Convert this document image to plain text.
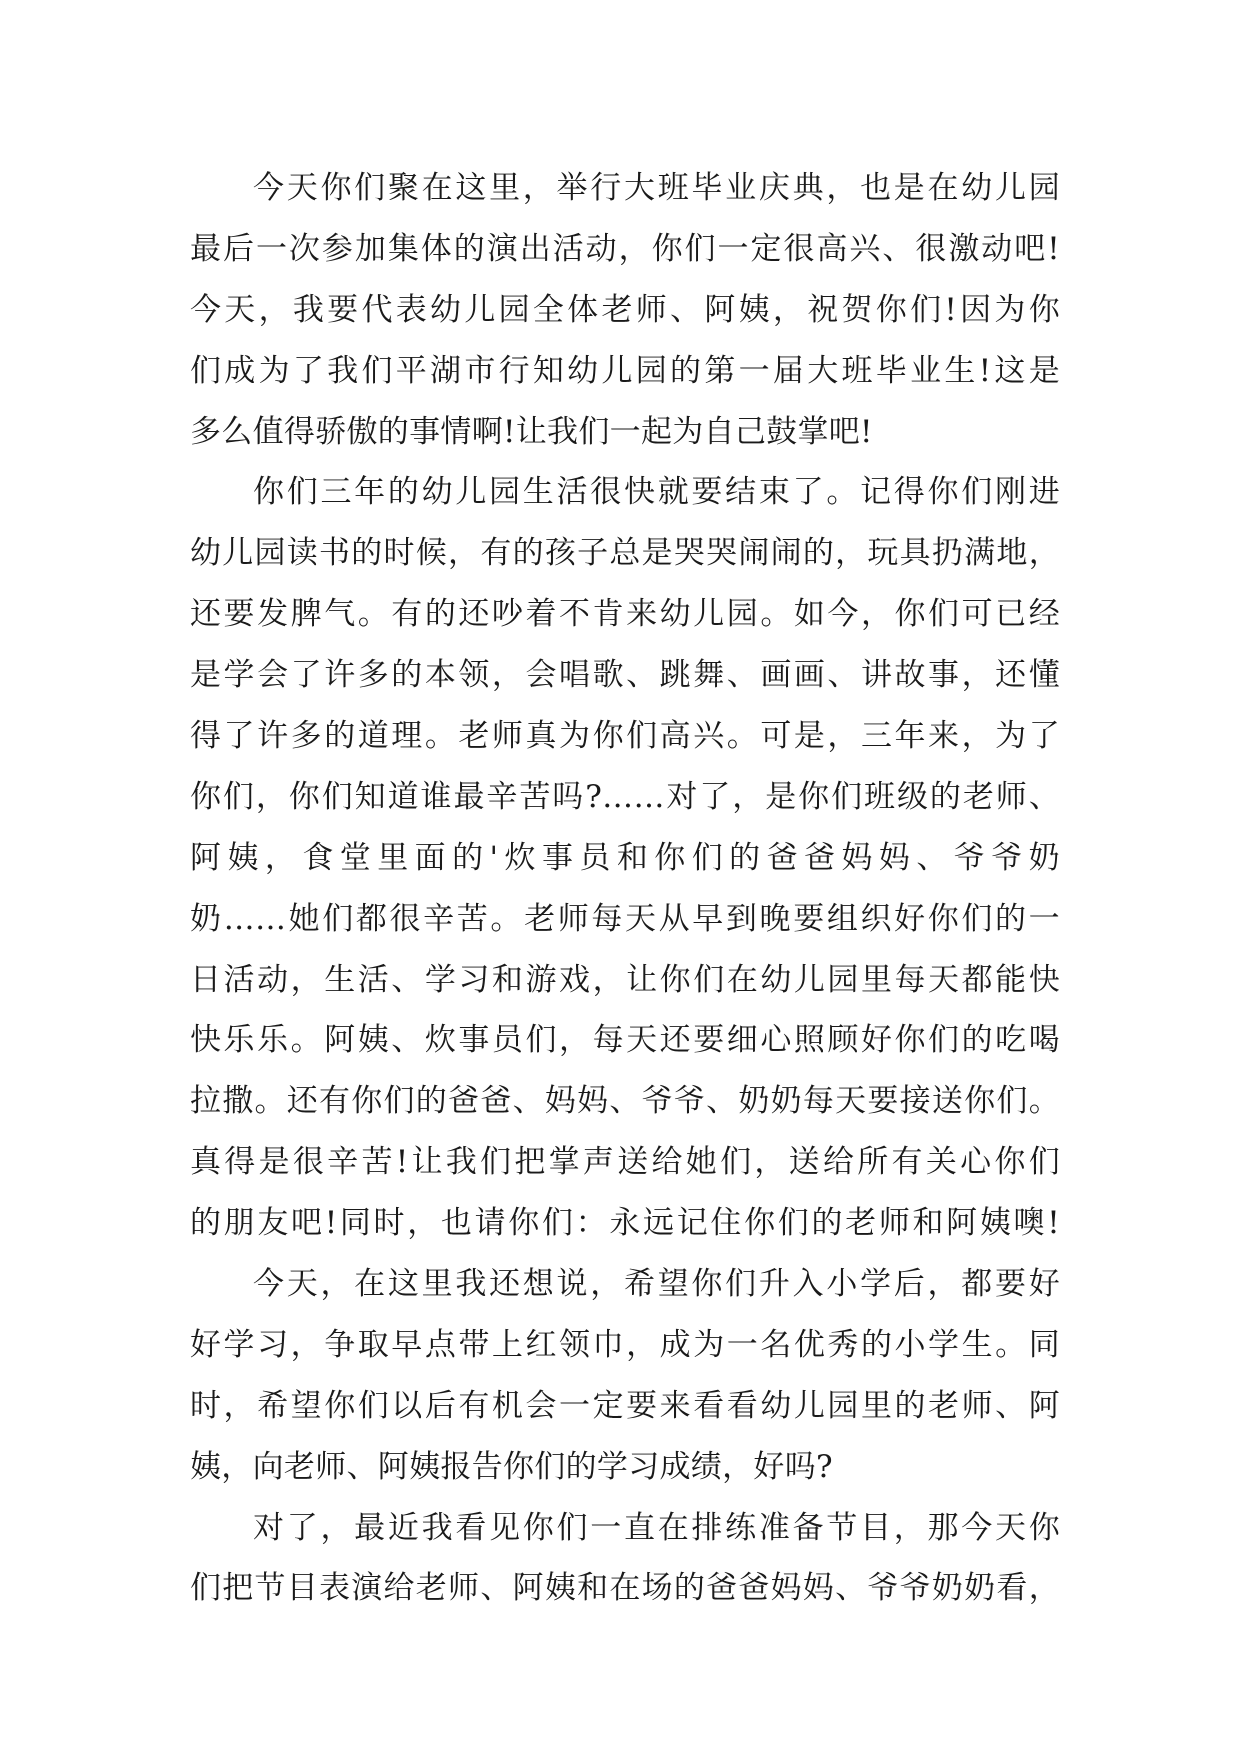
今天你们聚在这里，举行大班毕业庆典，也是在幼儿园
最后一次参加集体的演出活动，你们一定很高兴、很激动吧!
今天，我要代表幼儿园全体老师、阿姨，祝贺你们!因为你
们成为了我们平湖市行知幼儿园的第一届大班毕业生!这是
多么值得骄傲的事情啊!让我们一起为自己鼓掌吧!
你们三年的幼儿园生活很快就要结束了。记得你们刚进
幼儿园读书的时候，有的孩子总是哭哭闹闹的，玩具扔满地，
还要发脾气。有的还吵着不肯来幼儿园。如今，你们可已经
是学会了许多的本领，会唱歌、跳舞、画画、讲故事，还懂
得了许多的道理。老师真为你们高兴。可是，三年来，为了
你们，你们知道谁最辛苦吗?……对了，是你们班级的老师、
阿姨，食堂里面的'炊事员和你们的爸爸妈妈、爷爷奶
奶……她们都很辛苦。老师每天从早到晚要组织好你们的一
日活动，生活、学习和游戏，让你们在幼儿园里每天都能快
快乐乐。阿姨、炊事员们，每天还要细心照顾好你们的吃喝
拉撒。还有你们的爸爸、妈妈、爷爷、奶奶每天要接送你们。
真得是很辛苦!让我们把掌声送给她们，送给所有关心你们
的朋友吧!同时，也请你们：永远记住你们的老师和阿姨噢!
今天，在这里我还想说，希望你们升入小学后，都要好
好学习，争取早点带上红领巾，成为一名优秀的小学生。同
时，希望你们以后有机会一定要来看看幼儿园里的老师、阿
姨，向老师、阿姨报告你们的学习成绩，好吗?
对了，最近我看见你们一直在排练准备节目，那今天你
们把节目表演给老师、阿姨和在场的爸爸妈妈、爷爷奶奶看，
